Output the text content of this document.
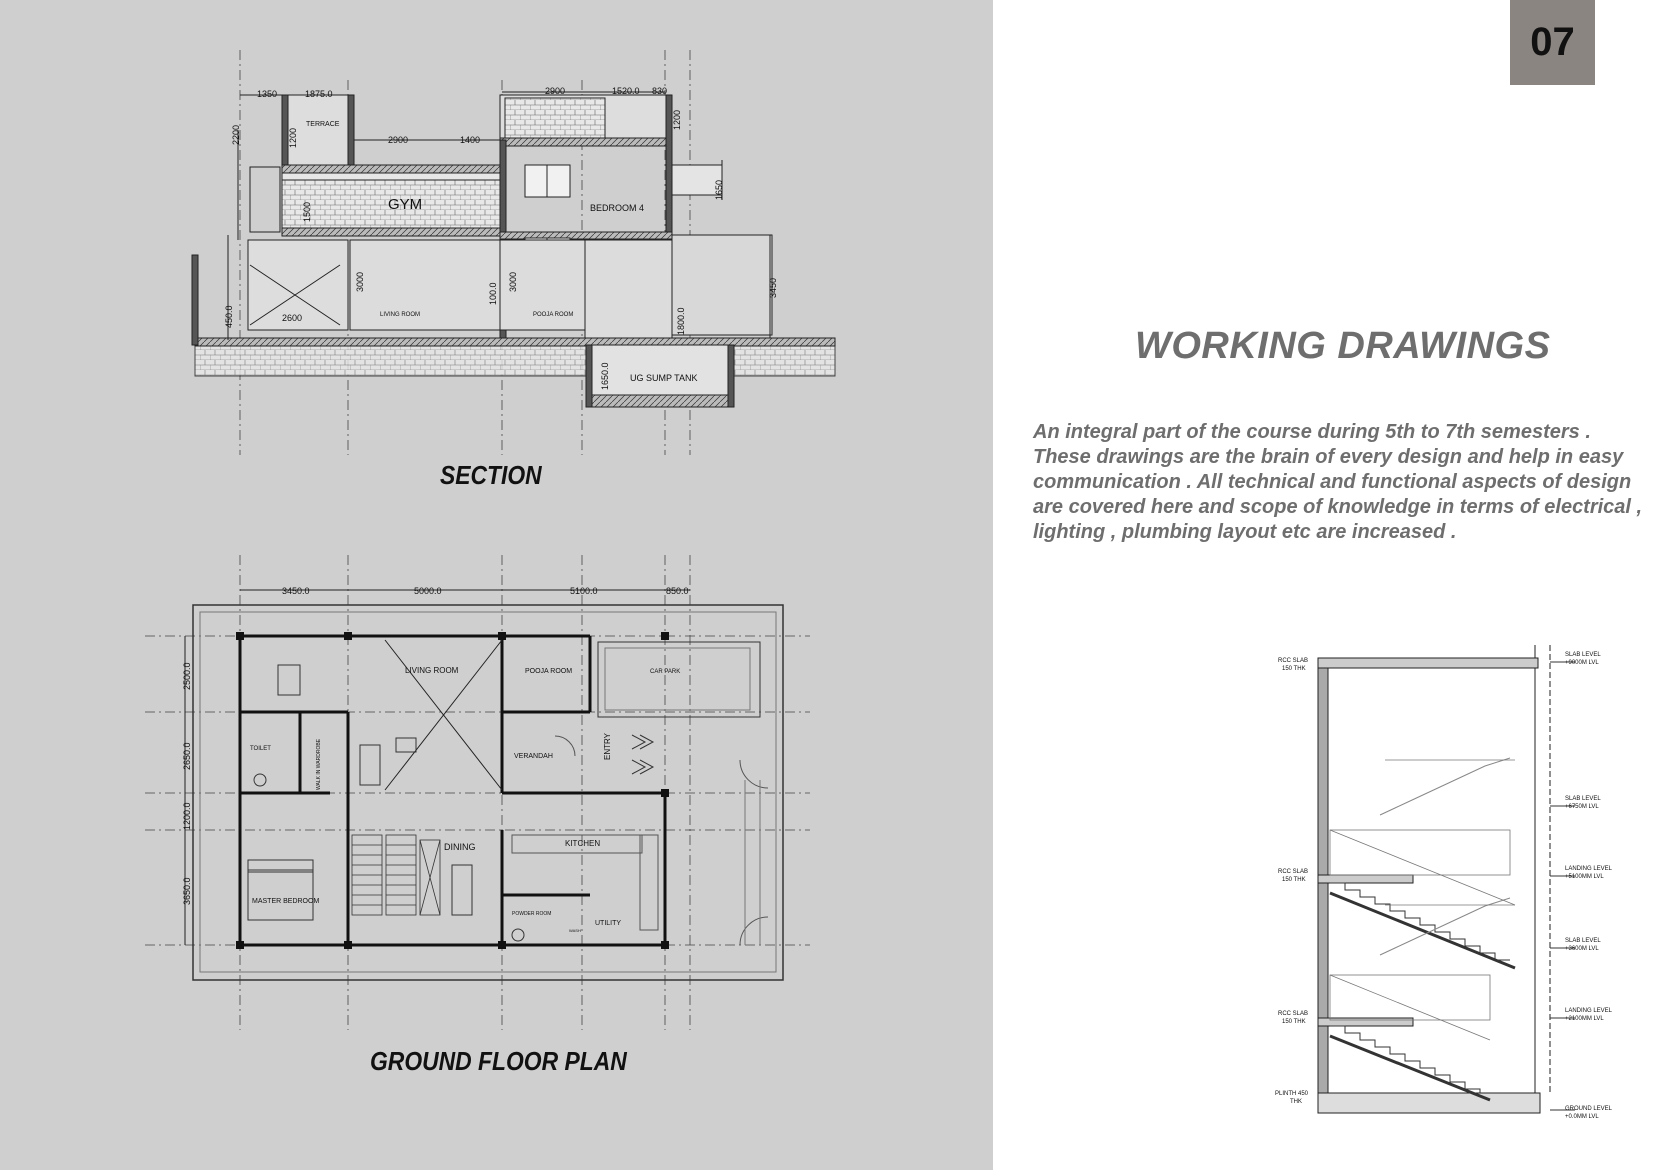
TERRACE
GYM	BEDROOM 4
LIVING ROOM	POOJA ROOM
UG SUMP TANK
1350	1875.0	2900	1520.0 830
2900	1400
1200
1200
2200
1500
1650
3000	3000	3450
450.0	2600
100.0
1800.0
1650.0
LIVING ROOM	POOJA ROOM	CAR PARK
TOILET	WALK IN WARDROBE	VERANDAH	ENTRY
KITCHEN
DINING
MASTER BEDROOM
POWDER ROOM
UTILITY
WASH
3450.0	5000.0	5100.0	850.0
2500.0
2650.0
1200.0
3650.0
SECTION
GROUND FLOOR PLAN
07
WORKING DRAWINGS
An integral part of the course during 5th to 7th semesters . These drawings are the brain of every design and help in easy communication . All technical and functional aspects of design are covered here and scope of knowledge in terms of electrical , lighting , plumbing layout etc are increased .
SLAB LEVEL
+9000M LVL
SLAB LEVEL
+6750M LVL
LANDING LEVEL
+5100MM LVL
SLAB LEVEL
+3600M LVL
LANDING LEVEL
+2100MM LVL
GROUND LEVEL
+0.0MM LVL
RCC SLAB
150 THK
RCC SLAB
150 THK
RCC SLAB
150 THK
PLINTH 450
THK
